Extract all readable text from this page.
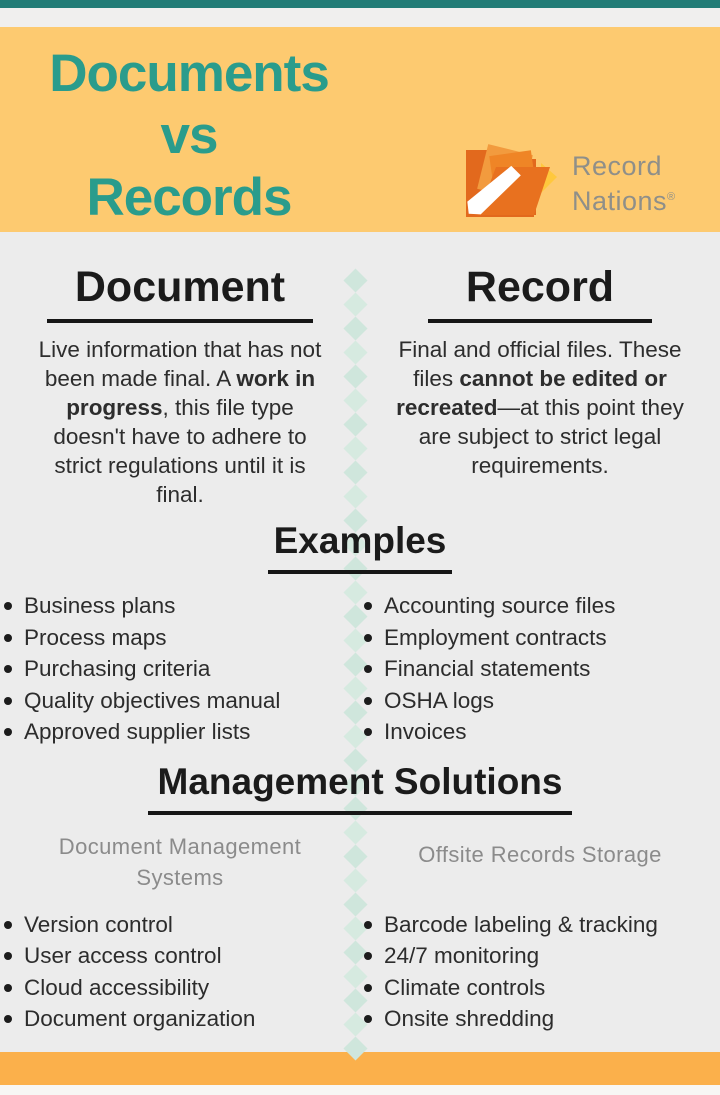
Documents
vs
Records
Record
Nations®
Document

Live information that has not been made final. A work in progress, this file type doesn't have to adhere to strict regulations until it is final.

Record

Final and official files. These files cannot be edited or recreated—at this point they are subject to strict legal requirements.

Examples
Business plans
Process maps
Purchasing criteria
Quality objectives manual
Approved supplier lists
Accounting source files
Employment contracts
Financial statements
OSHA logs
Invoices
Management Solutions
Document Management Systems
Offsite Records Storage
Version control
User access control
Cloud accessibility
Document organization
Barcode labeling & tracking
24/7 monitoring
Climate controls
Onsite shredding
